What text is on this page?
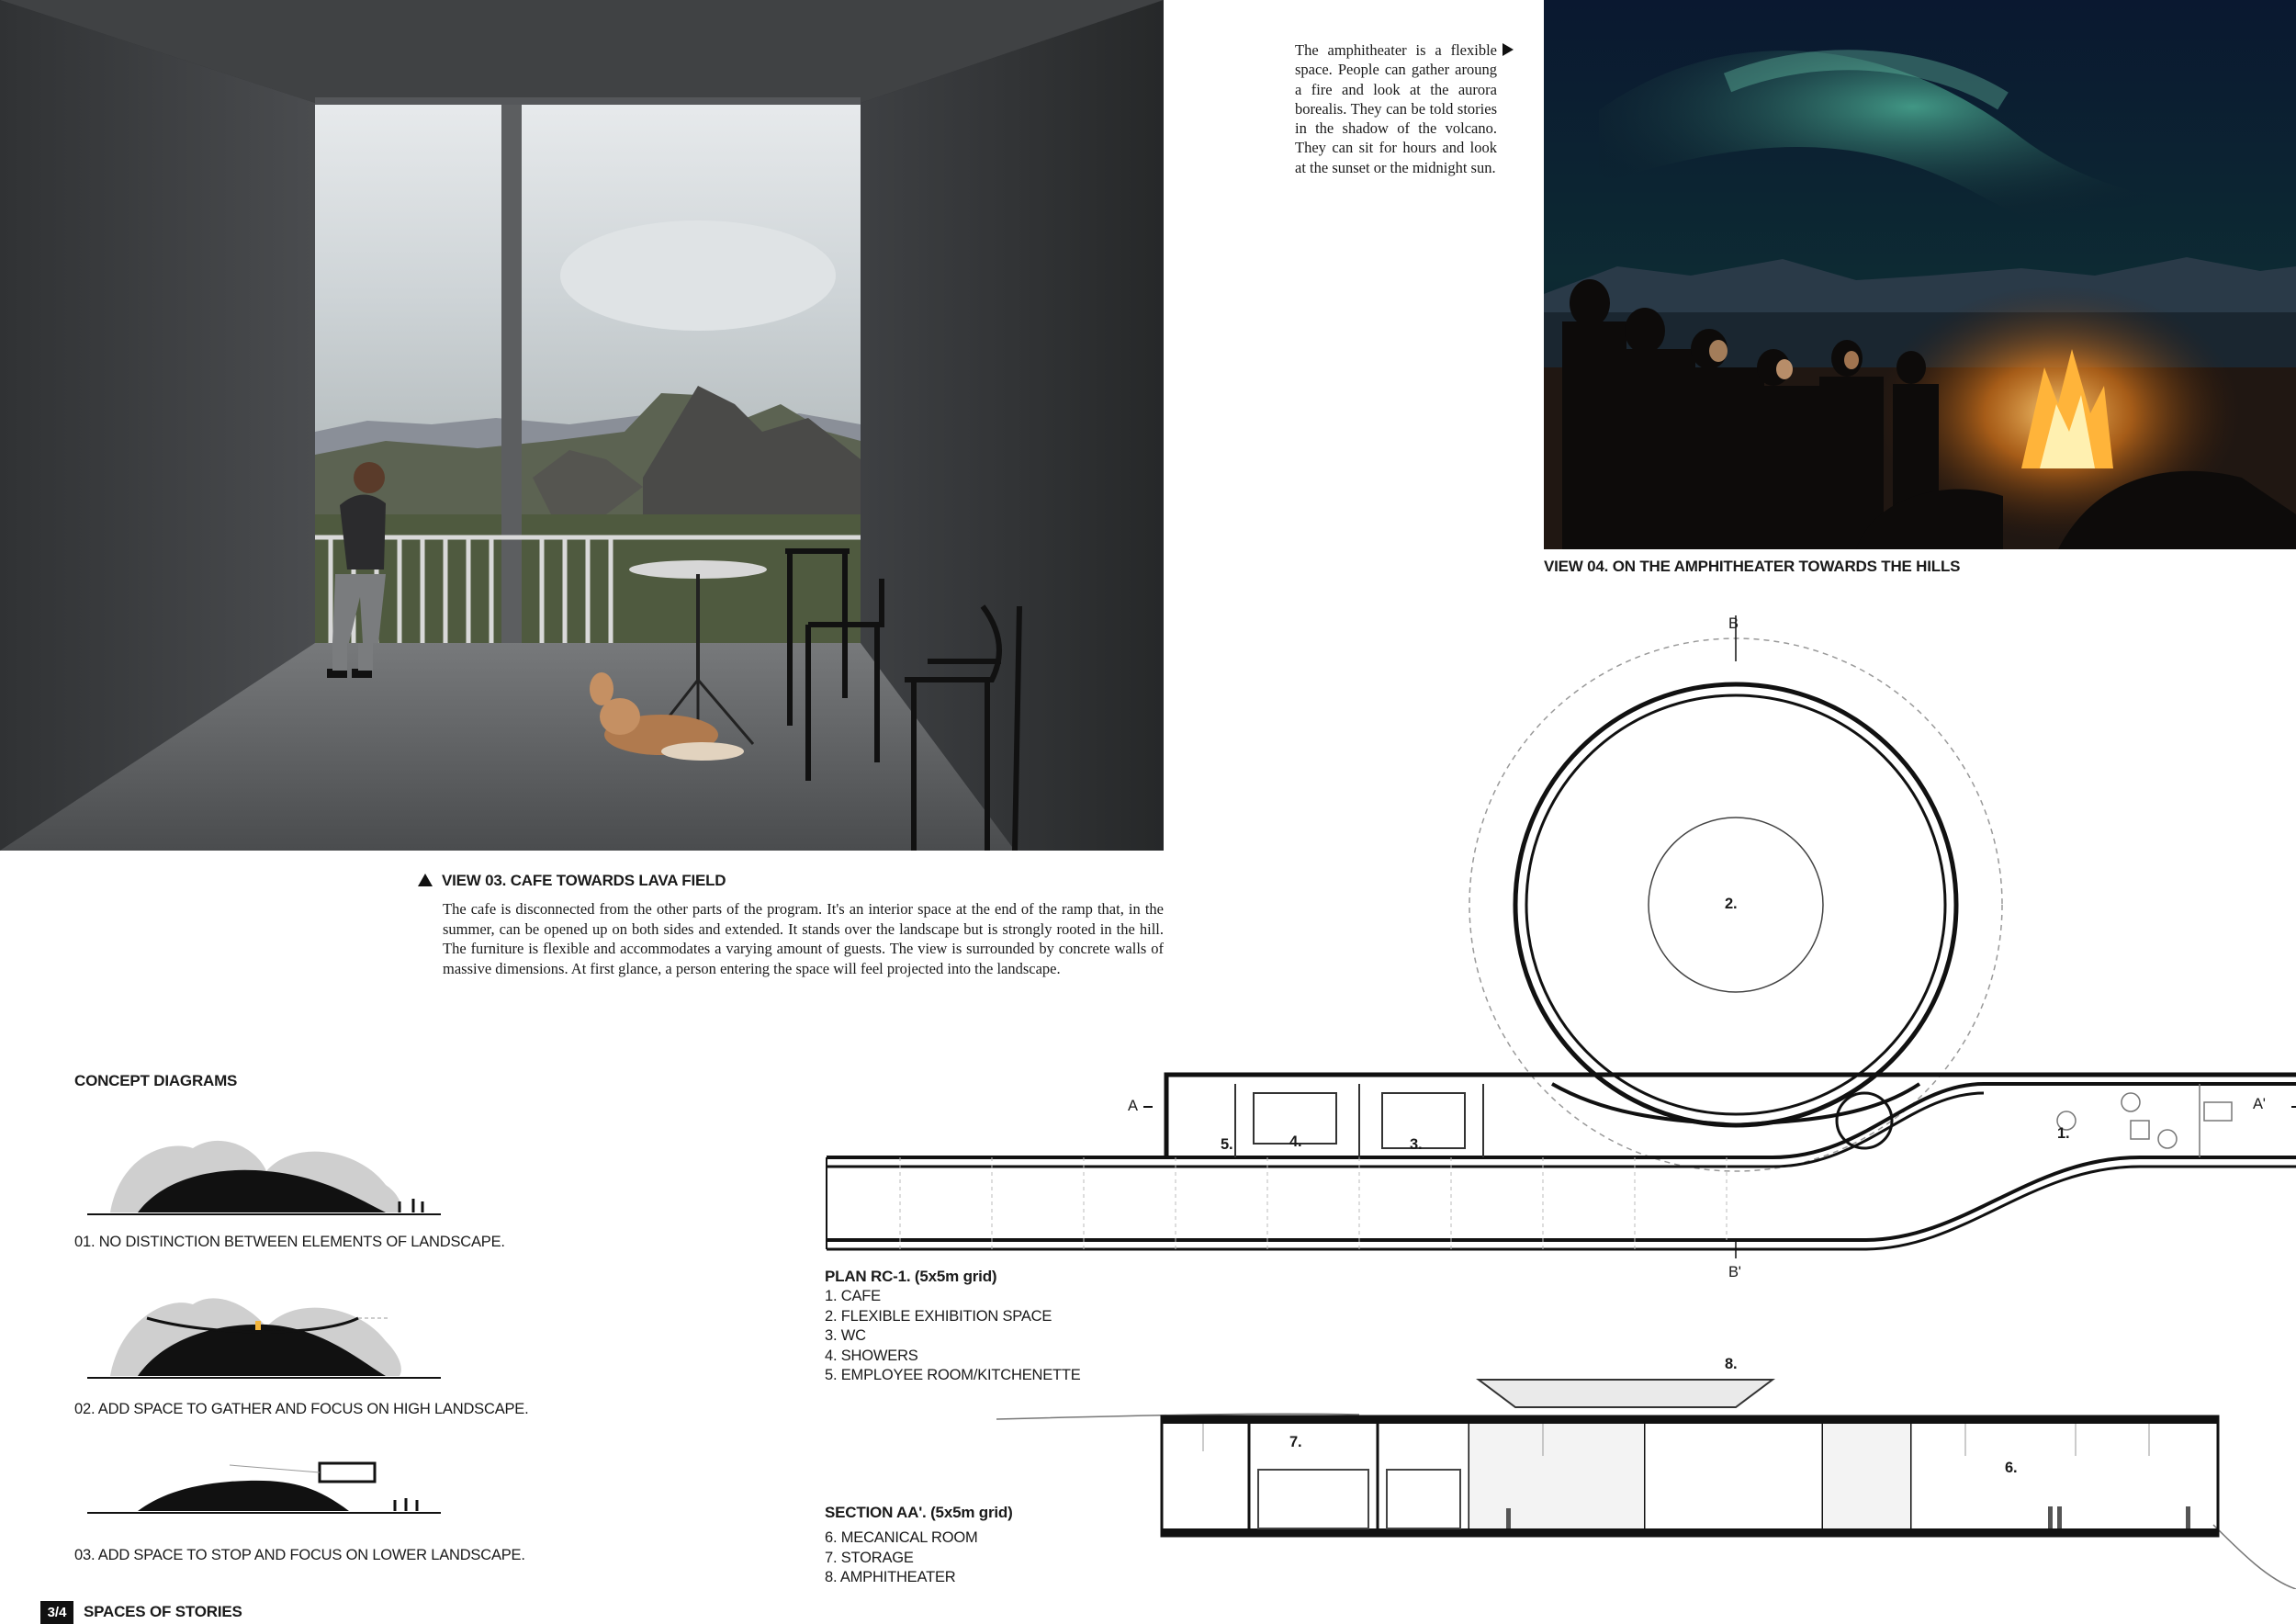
The amphitheater is a flexible space. People can gather aroung a fire and look at the aurora borealis. They can be told stories in the shadow of the volcano. They can sit for hours and look at the sunset or the midnight sun.
VIEW 04. ON THE AMPHITHEATER TOWARDS THE HILLS
VIEW 03. CAFE TOWARDS LAVA FIELD
The cafe is disconnected from the other parts of the program. It's an interior space at the end of the ramp that, in the summer, can be opened up on both sides and extended. It stands over the landscape but is strongly rooted in the hill. The furniture is flexible and accommodates a varying amount of guests. The view is surrounded by concrete walls of massive dimensions. At first glance, a person entering the space will feel projected into the landscape.
CONCEPT DIAGRAMS
01. NO DISTINCTION BETWEEN ELEMENTS OF LANDSCAPE.
02. ADD SPACE TO GATHER AND FOCUS ON HIGH LANDSCAPE.
03. ADD SPACE TO STOP AND FOCUS ON LOWER LANDSCAPE.
1.
2.
3.
4.
5.
A	A'
B
B'
PLAN RC-1. (5x5m grid)
1. CAFE
2. FLEXIBLE EXHIBITION SPACE
3. WC
4. SHOWERS
5. EMPLOYEE ROOM/KITCHENETTE
6.
7.
8.
SECTION AA'. (5x5m grid)
6. MECANICAL ROOM
7. STORAGE
8. AMPHITHEATER
3/4	SPACES OF STORIES
